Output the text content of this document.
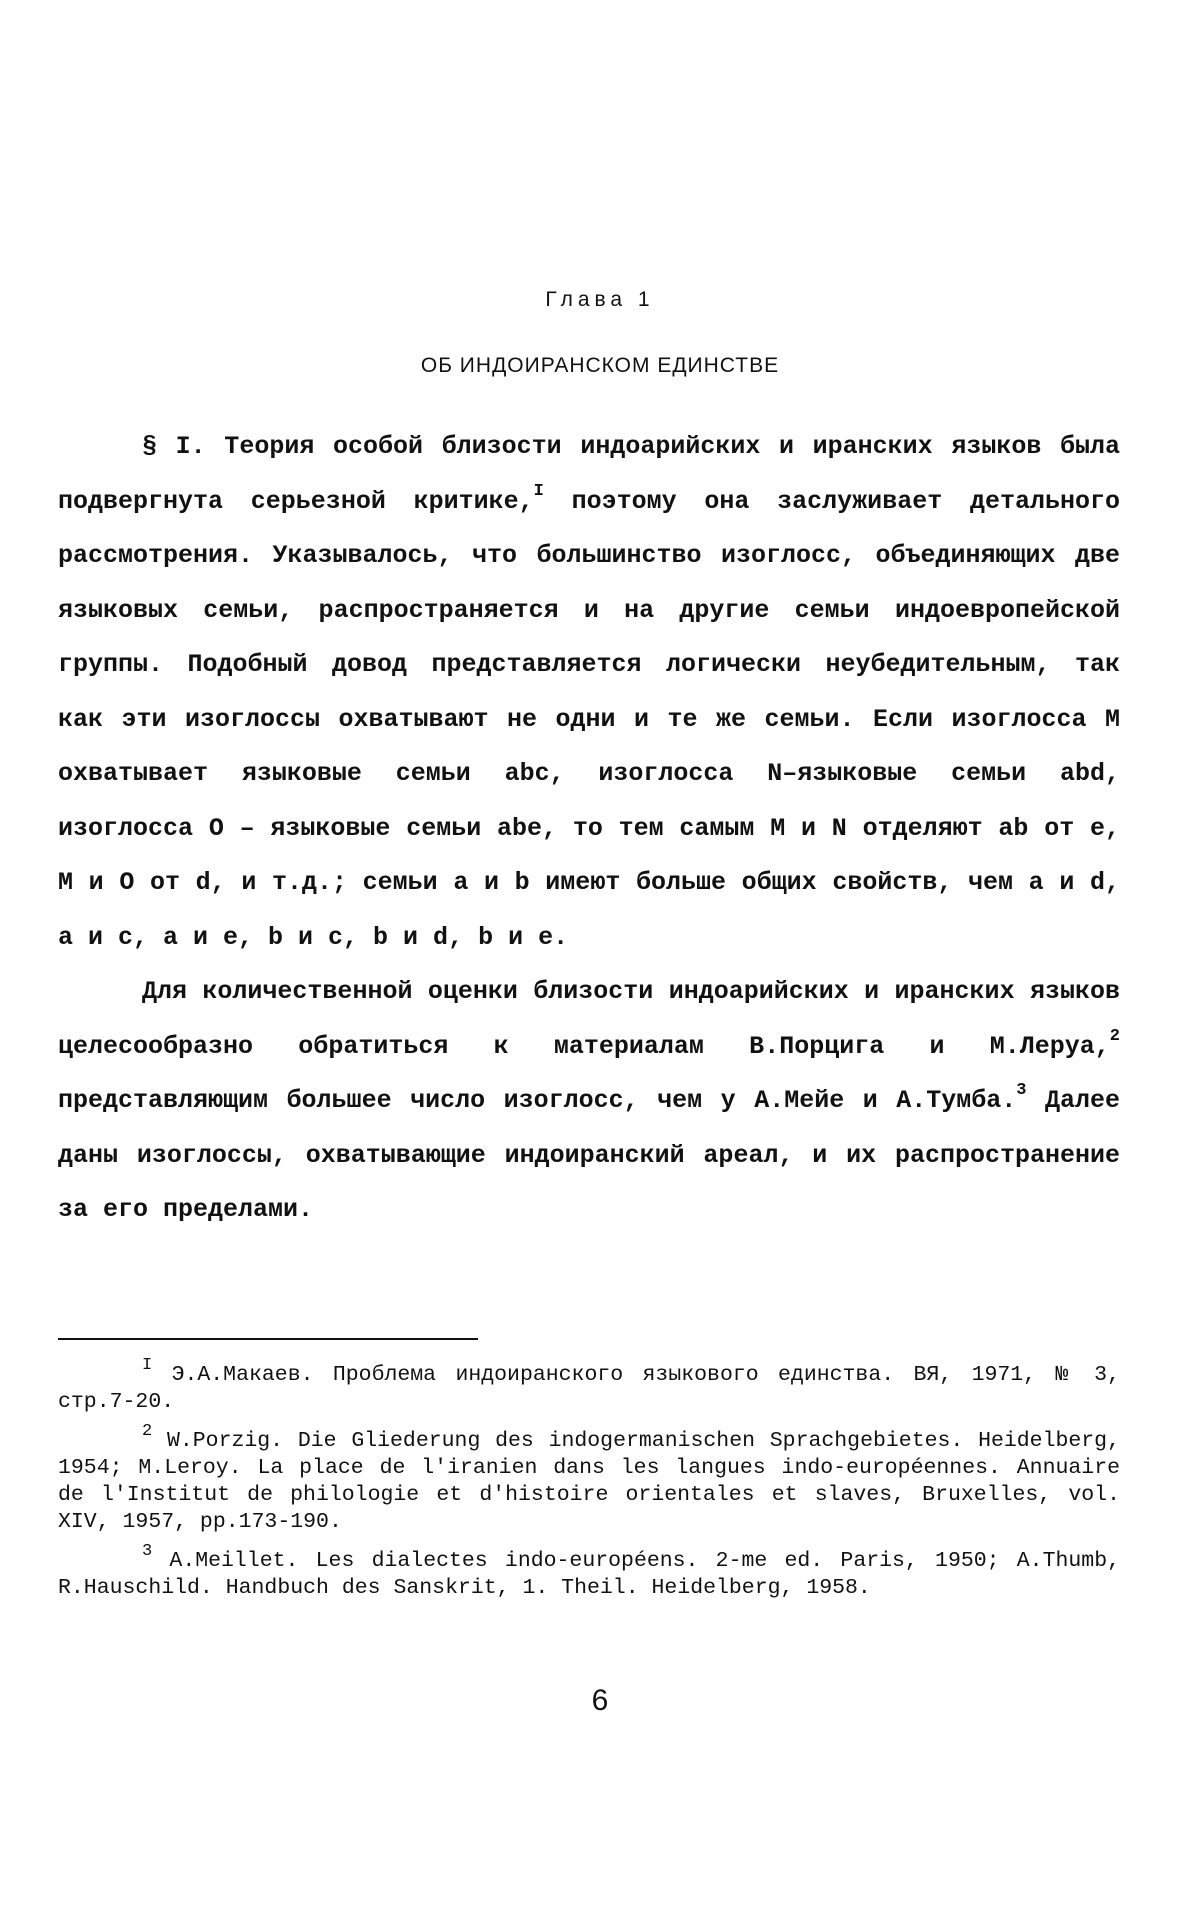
Глава 1
ОБ ИНДОИРАНСКОМ ЕДИНСТВЕ

§ I. Теория особой близости индоарийских и иранских языков была подвергнута серьезной критике,$^I$ поэтому она заслуживает детального рассмотрения. Указывалось, что большинство изоглосс, объединяющих две языковых семьи, распространяется и на другие семьи индоевропейской группы. Подобный довод представляется логически неубедительным, так как эти изоглоссы охватывают не одни и те же семьи. Если изоглосса M охватывает языковые семьи abc, изоглосса N–языковые семьи abd, изоглосса O – языковые семьи abe, то тем самым M и N отделяют ab от e, M и O от d, и т.д.; семьи a и b имеют больше общих свойств, чем a и d, a и c, a и e, b и c, b и d, b и e.

Для количественной оценки близости индоарийских и иранских языков целесообразно обратиться к материалам В.Порцига и М.Леруа,$^2$ представляющим большее число изоглосс, чем у А.Мейе и А.Тумба.$^3$ Далее даны изоглоссы, охватывающие индоиранский ареал, и их распространение за его пределами.

$^I$ Э.А.Макаев. Проблема индоиранского языкового единства. ВЯ, 1971, № 3, стр.7-20.

$^2$ W.Porzig. Die Gliederung des indogermanischen Sprachgebietes. Heidelberg, 1954; M.Leroy. La place de l'iranien dans les langues indo-européennes. Annuaire de l'Institut de philologie et d'histoire orientales et slaves, Bruxelles, vol. XIV, 1957, pp.173-190.

$^3$ A.Meillet. Les dialectes indo-européens. 2-me ed. Paris, 1950; A.Thumb, R.Hauschild. Handbuch des Sanskrit, 1. Theil. Heidelberg, 1958.

6
